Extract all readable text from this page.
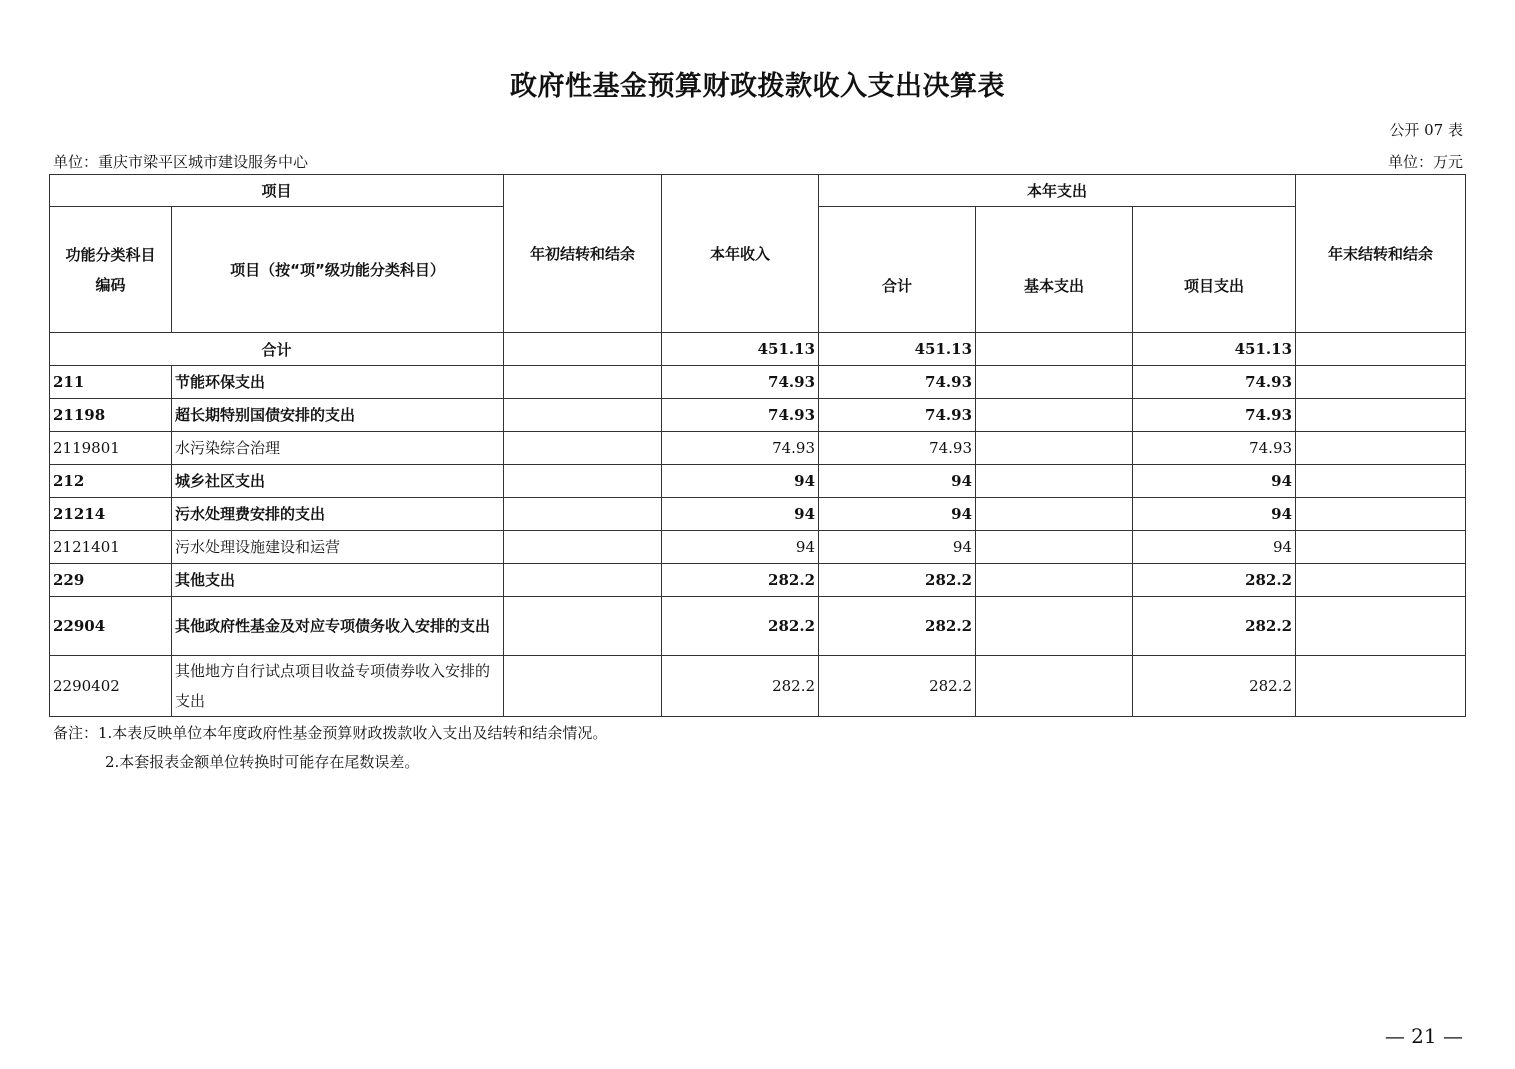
政府性基金预算财政拨款收入支出决算表
公开 07 表
单位：重庆市梁平区城市建设服务中心	单位：万元
项目		年初结转和结余	本年收入	本年支出			年末结转和结余
功能分类科目
编码	项目（按“项”级功能分类科目）			合计	基本支出	项目支出	
合计			451.13	451.13		451.13	
211	节能环保支出		74.93	74.93		74.93	
21198	超长期特别国债安排的支出		74.93	74.93		74.93	
2119801	水污染综合治理		74.93	74.93		74.93	
212	城乡社区支出		94	94		94	
21214	污水处理费安排的支出		94	94		94	
2121401	污水处理设施建设和运营		94	94		94	
229	其他支出		282.2	282.2		282.2	
22904	其他政府性基金及对应专项债务收入安排的支出		282.2	282.2		282.2	
2290402	其他地方自行试点项目收益专项债券收入安排的支出		282.2	282.2		282.2	
备注：1.本表反映单位本年度政府性基金预算财政拨款收入支出及结转和结余情况。
2.本套报表金额单位转换时可能存在尾数误差。
— 21 —
